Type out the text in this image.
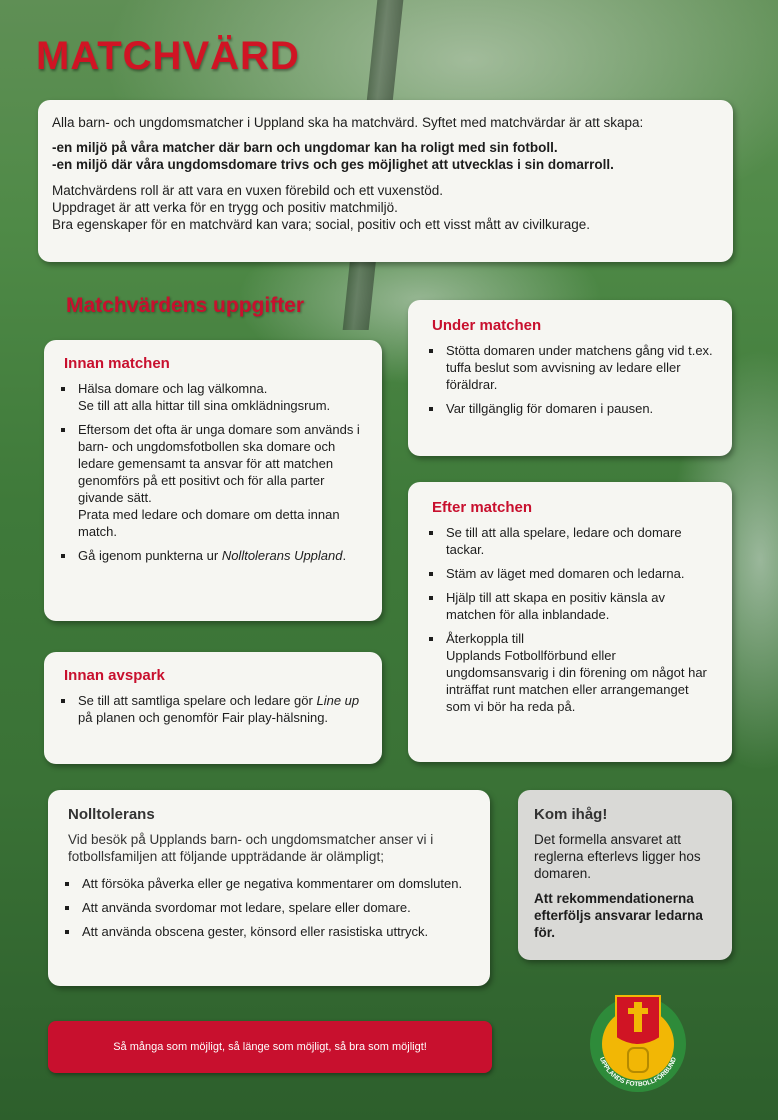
MATCHVÄRD

Alla barn- och ungdomsmatcher i Uppland ska ha matchvärd. Syftet med matchvärdar är att skapa:

-en miljö på våra matcher där barn och ungdomar kan ha roligt med sin fotboll.

-en miljö där våra ungdomsdomare trivs och ges möjlighet att utvecklas i sin domarroll.

Matchvärdens roll är att vara en vuxen förebild och ett vuxenstöd.

Uppdraget är att verka för en trygg och positiv matchmiljö.

Bra egenskaper för en matchvärd kan vara; social, positiv och ett visst mått av civilkurage.

Matchvärdens uppgifter
Innan matchen
▪ Hälsa domare och lag välkomna.
Se till att alla hittar till sina omklädningsrum.
▪ Eftersom det ofta är unga domare som används i barn- och ungdomsfotbollen ska domare och ledare gemensamt ta ansvar för att matchen genomförs på ett positivt och för alla parter givande sätt.
Prata med ledare och domare om detta innan match.
▪ Gå igenom punkterna ur Nolltolerans Uppland.
Innan avspark
▪ Se till att samtliga spelare och ledare gör Line up på planen och genomför Fair play-hälsning.
Under matchen
▪ Stötta domaren under matchens gång vid t.ex. tuffa beslut som avvisning av ledare eller föräldrar.
▪ Var tillgänglig för domaren i pausen.
Efter matchen
▪ Se till att alla spelare, ledare och domare tackar.
▪ Stäm av läget med domaren och ledarna.
▪ Hjälp till att skapa en positiv känsla av matchen för alla inblandade.
▪ Återkoppla till
Upplands Fotbollförbund eller ungdomsansvarig i din förening om något har inträffat runt matchen eller arrangemanget som vi bör ha reda på.
Nolltolerans

Vid besök på Upplands barn- och ungdomsmatcher anser vi i fotbollsfamiljen att följande uppträdande är olämpligt;

▪ Att försöka påverka eller ge negativa kommentarer om domsluten.
▪ Att använda svordomar mot ledare, spelare eller domare.
▪ Att använda obscena gester, könsord eller rasistiska uttryck.
Kom ihåg!

Det formella ansvaret att reglerna efterlevs ligger hos domaren.

Att rekommendationerna efterföljs ansvarar ledarna för.

Så många som möjligt, så länge som möjligt, så bra som möjligt!
UPPLANDS FOTBOLLFÖRBUND
